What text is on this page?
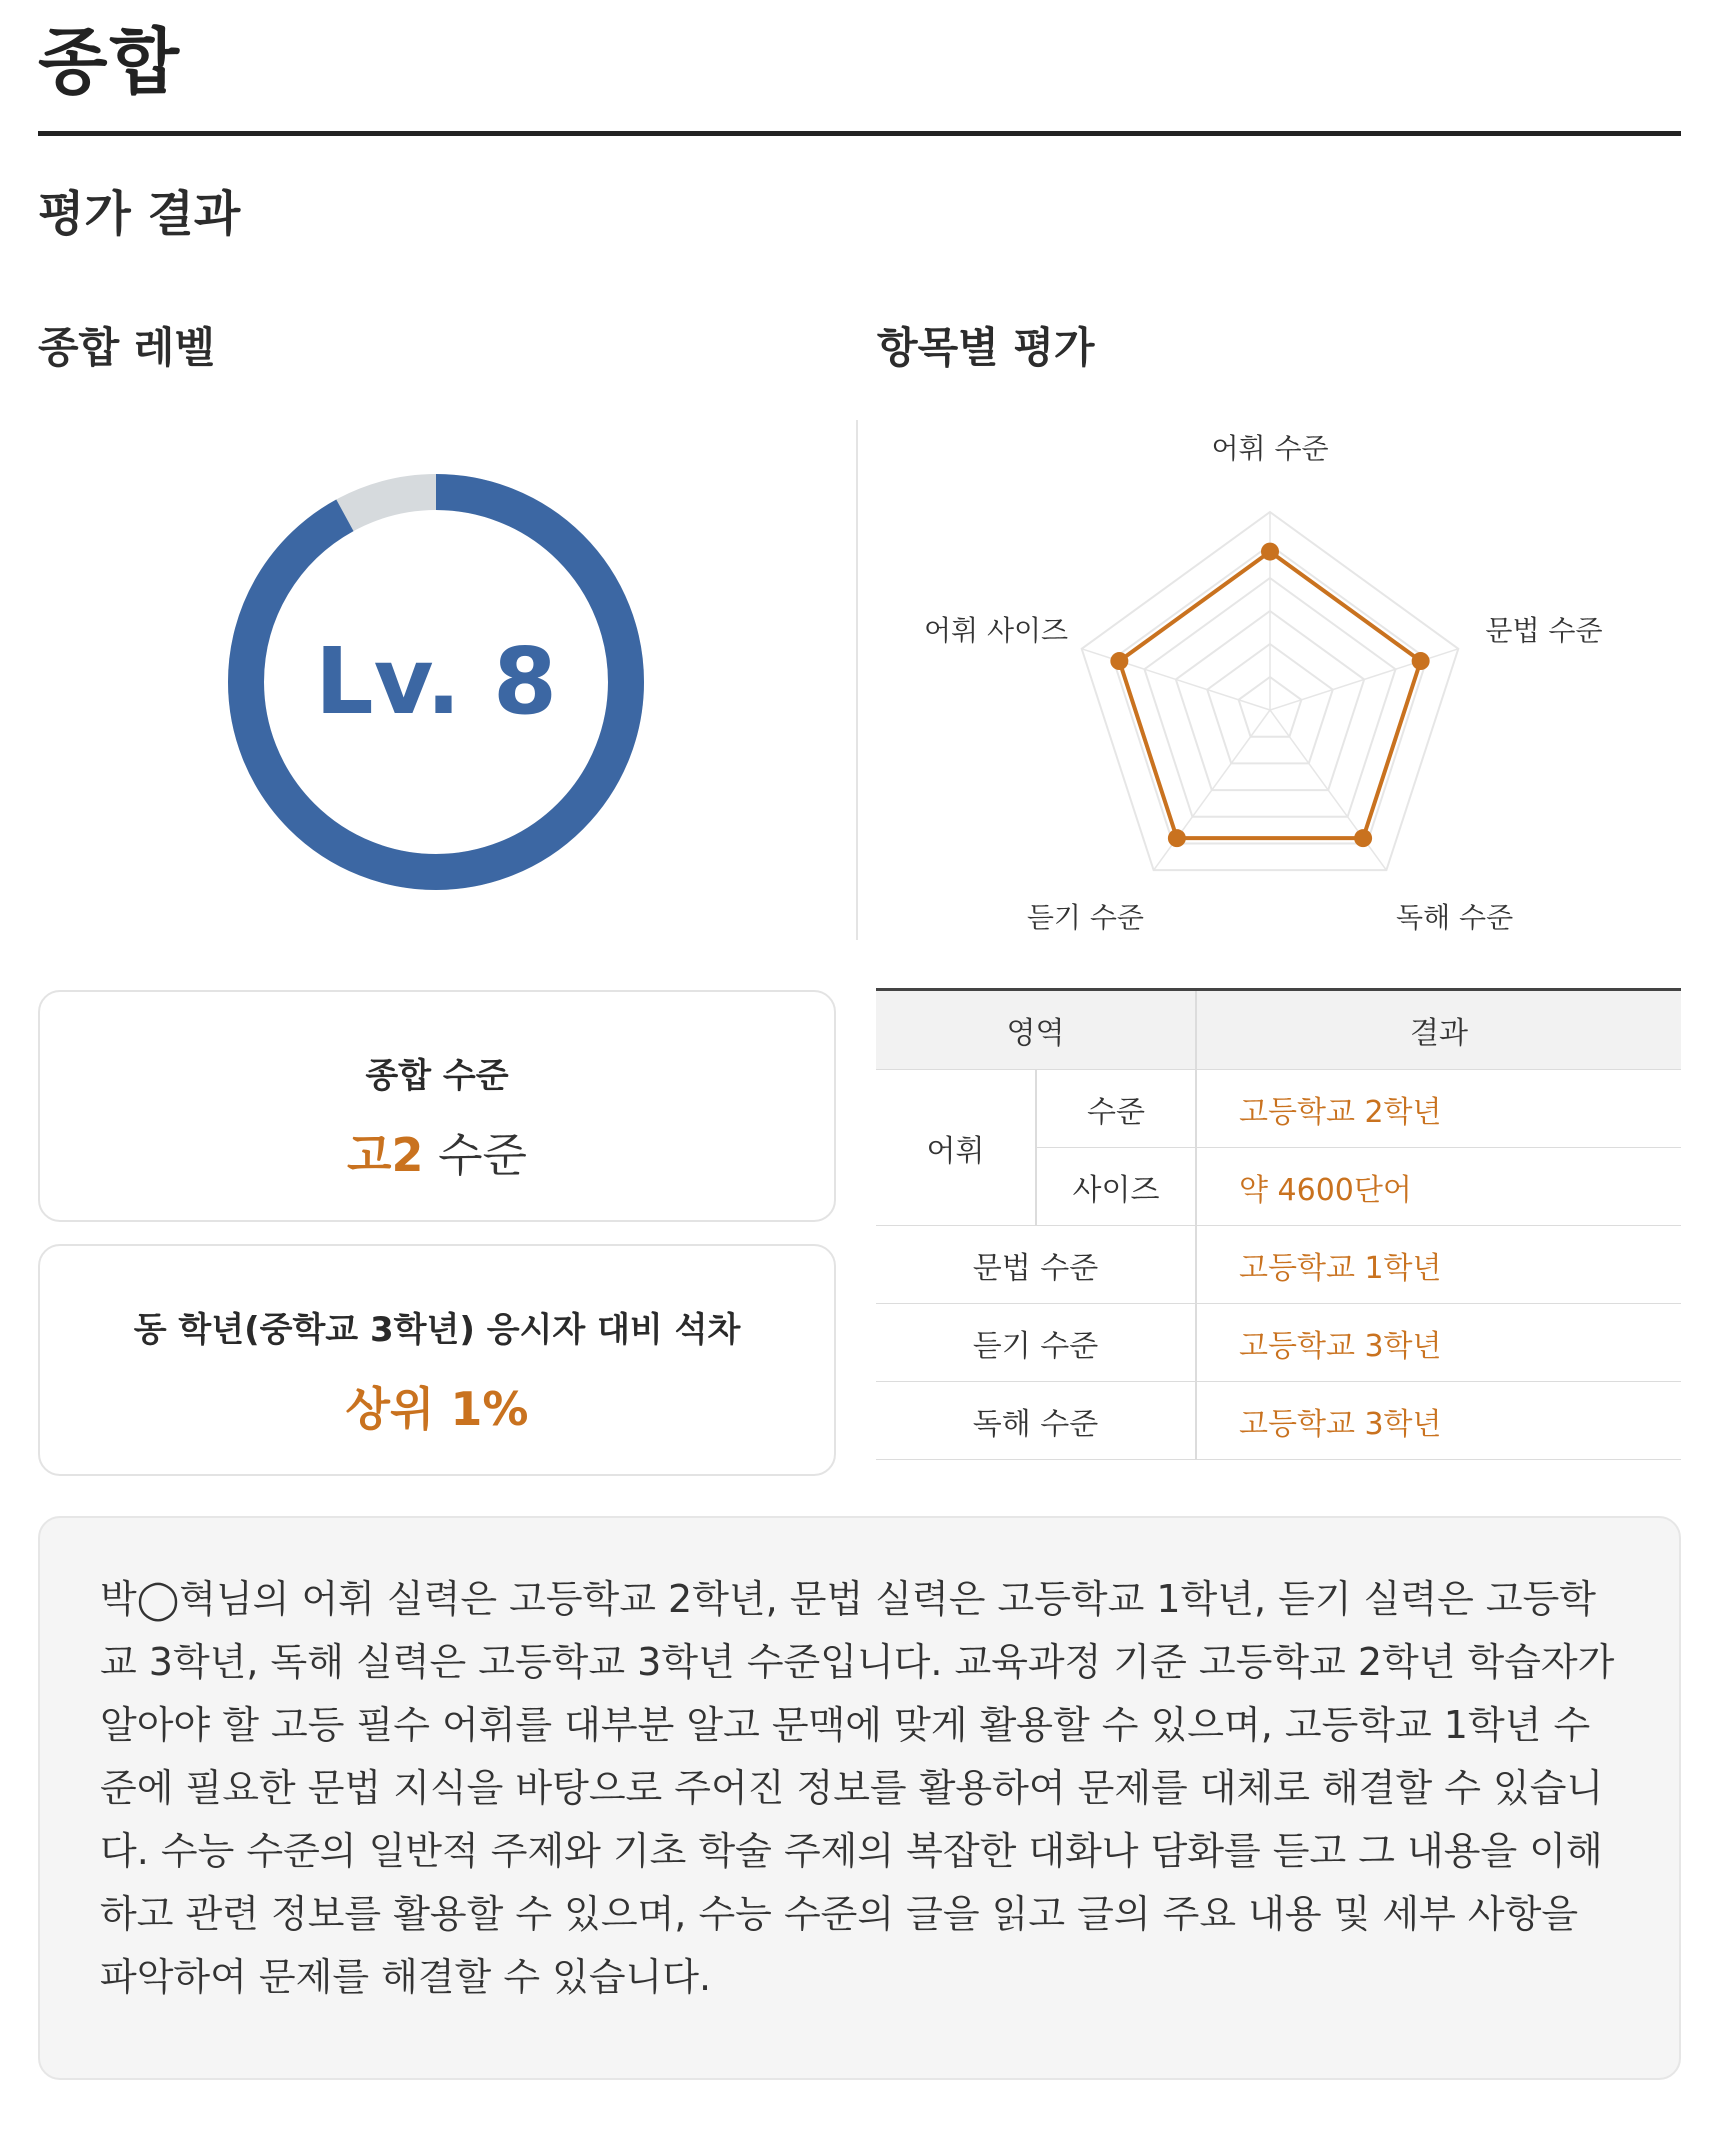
종합
평가 결과
종합 레벨	항목별 평가
Lv. 8
어휘 수준
문법 수준
독해 수준
듣기 수준
어휘 사이즈
종합 수준
고2 수준
동 학년(중학교 3학년) 응시자 대비 석차
상위 1%
영역		결과
어휘	수준	고등학교 2학년
	사이즈	약 4600단어
문법 수준		고등학교 1학년
듣기 수준		고등학교 3학년
독해 수준		고등학교 3학년
박◯혁님의 어휘 실력은 고등학교 2학년, 문법 실력은 고등학교 1학년, 듣기 실력은 고등학교 3학년, 독해 실력은 고등학교 3학년 수준입니다. 교육과정 기준 고등학교 2학년 학습자가 알아야 할 고등 필수 어휘를 대부분 알고 문맥에 맞게 활용할 수 있으며, 고등학교 1학년 수준에 필요한 문법 지식을 바탕으로 주어진 정보를 활용하여 문제를 대체로 해결할 수 있습니다. 수능 수준의 일반적 주제와 기초 학술 주제의 복잡한 대화나 담화를 듣고 그 내용을 이해하고 관련 정보를 활용할 수 있으며, 수능 수준의 글을 읽고 글의 주요 내용 및 세부 사항을 파악하여 문제를 해결할 수 있습니다.
